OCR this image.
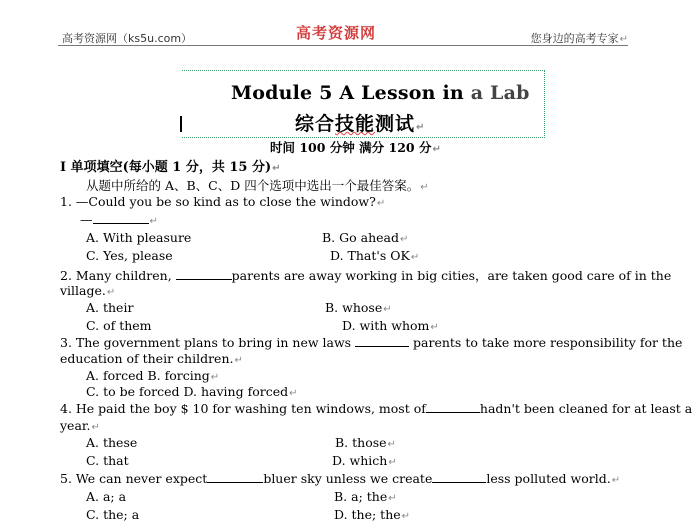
高考资源网（ks5u.com）	高考资源网	您身边的高考专家↵
Module 5 A Lesson in a Lab
综合技能测试↵
时间 100 分钟 满分 120 分↵
Ⅰ 单项填空(每小题 1 分，共 15 分)↵
从题中所给的 A、B、C、D 四个选项中选出一个最佳答案。↵
1. —Could you be so kind as to close the window?↵
—	↵
A. With pleasure	B. Go ahead↵
C. Yes, please	D. That's OK↵
2. Many children,	parents are away working in big cities，are taken good care of in the
village.↵
A. their	B. whose↵
C. of them	D. with whom↵
3. The government plans to bring in new laws	parents to take more responsibility for the
education of their children.↵
A. forced B. forcing↵
C. to be forced D. having forced↵
4. He paid the boy $ 10 for washing ten windows, most of	hadn't been cleaned for at least a
year.↵
A. these	B. those↵
C. that	D. which↵
5. We can never expect	bluer sky unless we create	less polluted world.↵
A. a; a	B. a; the↵
C. the; a	D. the; the↵
